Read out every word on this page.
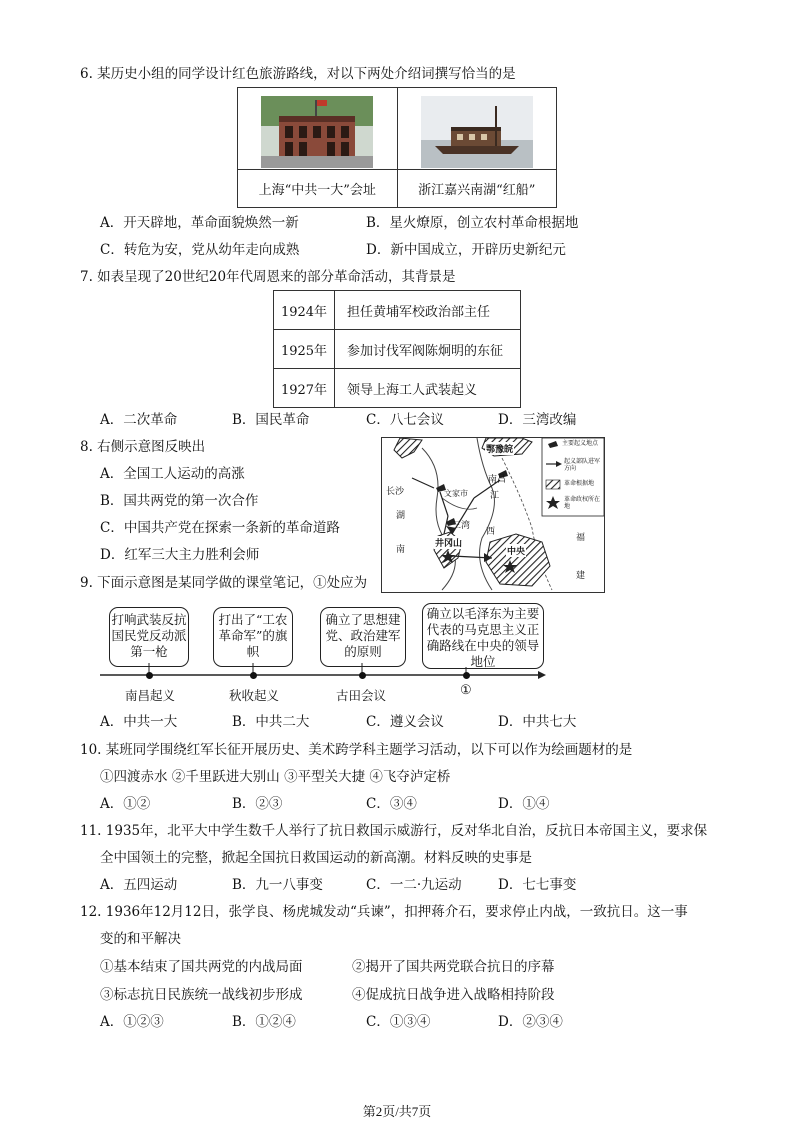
6. 某历史小组的同学设计红色旅游路线，对以下两处介绍词撰写恰当的是

上海“中共一大”会址	浙江嘉兴南湖“红船”
A．开天辟地，革命面貌焕然一新	B．星火燎原，创立农村革命根据地
C．转危为安，党从幼年走向成熟	D．新中国成立，开辟历史新纪元
7. 如表呈现了20世纪20年代周恩来的部分革命活动，其背景是
1924年	担任黄埔军校政治部主任
1925年	参加讨伐军阀陈炯明的东征
1927年	领导上海工人武装起义
A．二次革命	B．国民革命	C．八七会议	D．三湾改编
8. 右侧示意图反映出
A．全国工人运动的高涨
B．国共两党的第一次合作
C．中国共产党在探索一条新的革命道路
D．红军三大主力胜利会师
鄂豫皖
南昌
江
长沙	文家市
湖
三湾
西
井冈山
中央
南
福
建
主要起义地点
起义部队进军方向
革命根据地
革命政权所在地
9. 下面示意图是某同学做的课堂笔记，①处应为
打响武装反抗国民党反动派第一枪
打出了“工农革命军”的旗帜
确立了思想建党、政治建军的原则
确立以毛泽东为主要代表的马克思主义正确路线在中央的领导地位
南昌起义	秋收起义	古田会议	①
A．中共一大	B．中共二大	C．遵义会议	D．中共七大
10. 某班同学围绕红军长征开展历史、美术跨学科主题学习活动，以下可以作为绘画题材的是
①四渡赤水 ②千里跃进大别山 ③平型关大捷 ④飞夺泸定桥
A．①②	B．②③	C．③④	D．①④
11. 1935年，北平大中学生数千人举行了抗日救国示威游行，反对华北自治，反抗日本帝国主义，要求保
全中国领土的完整，掀起全国抗日救国运动的新高潮。材料反映的史事是
A．五四运动	B．九一八事变	C．一二·九运动	D．七七事变
12. 1936年12月12日，张学良、杨虎城发动“兵谏”，扣押蒋介石，要求停止内战，一致抗日。这一事
变的和平解决
①基本结束了国共两党的内战局面	②揭开了国共两党联合抗日的序幕
③标志抗日民族统一战线初步形成	④促成抗日战争进入战略相持阶段
A．①②③	B．①②④	C．①③④	D．②③④
第2页/共7页
